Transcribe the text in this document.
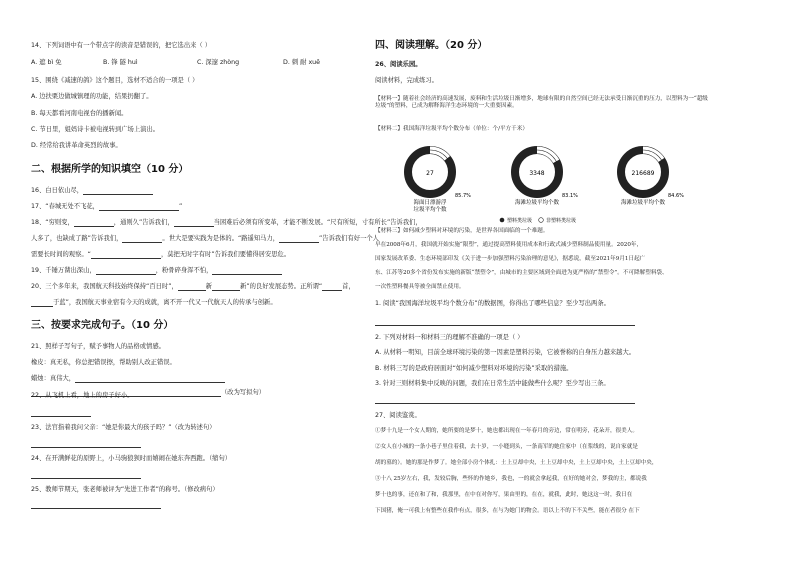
14、下列词语中有一个带点字的读音是错误的，把它选出来（ ）
A. 遮 bì 免	B. 锋 隧 huì	C. 深邃 zhòng	D. 刺 耐 xuē
15、围绕《减速的鸽》这个题目，选材不适合的一项是（ ）
A. 边扶栗边做城镇理的功能，结果扔翻了。
B. 每天都看河南电视台的播新闻。
C. 节日里，姐妈诗卡被电视转到广场上演出。
D. 经常给我讲革命英烈的故事。
二、根据所学的知识填空（10 分）
16、白日依山尽，
17、“春城无处不飞花，	”
18、“穷则变，	，通则久”告诉我们，	当困难后必须有所变革，才能不断发展。“尺有所短，寸有所长”告诉我们，
人多了，也缺成了路”告诉我们，	。世大是要实践为是体的。“路遥知马力，	”告诉我们有好一个人
需要长时间的观察。“	，莫把无时字有时”告诉我们要懂得居安思危。
19、千锤万凿出深山，	，粉骨碎身浑不怕，
20、三个多年来，我国航天科技始终保持“百日时”，	新	新”的良好发展态势。正所谓“	首，
于蓝”，我国航天事业宿有今天的成就，离不开一代又一代航天人的传承与创新。
三、按要求完成句子。（10 分）
21、照样子写句子，赋予事物人的品格或情感。
橡皮：真无私，你总把错误擦，帮助别人改正错误。
蜡烛：真伟大，
（改为写拟句）
22、从飞机上看，地上的房子好小。
23、法官指着我问父亲：“她是你最大的孩子吗？”（改为转述句）
24、在开满鲜花的原野上，小马驹狼狈时而嬉闹在她东奔西跑。（缩句）
25、教师节期天，张老师被评为“先进工作者”的称号。（修改病句）
四、阅读理解。（20 分）
26、阅读乐园。
阅读材料，完成练习。
【材料一】随着社会经济的高速发展，废料和生活垃圾日渐增多，地球有限的自然空间已经无法承受日渐沉重的压力，以塑料为一“超级垃圾”的塑料，已成为解释海洋生态环境的一大重要因素。
【材料二】我国海洋垃圾平均个数分布（单位：个/平方千米）
27	3348	216689
85.7%	83.1%	84.6%
海面日漂游浮
垃圾平均个数
海滩垃圾平均个数	海滩垃圾平均个数
塑料类垃圾	非塑料类垃圾
【材料三】如何减少塑料对环境的污染，是世界各国面临的一个难题。
早在2008年6月，我国就开始实施“限塑”，通过提高塑料使用成本和行政式减少塑料制品使用量。2020年，
国家发展改革委、生态环境部印发《关于进一步加强塑料污染治理的意见》，据悉说，截至2021年9月1日起广
东、江苏等20多个省份发布实施的新版“禁塑令”，由城市的主要区域到全面进为更严格的“禁塑令”。不可降解塑料袋、
一次性塑料餐具等被全面禁止使用。
1. 阅读“我国海洋垃圾平均个数分布”的数据图，你得出了哪些信息？至少写出两条。
2. 下列对材料一和材料三的理解不准确的一项是（ ）
A. 从材料一明知，目前全球环境污染的第一因素是塑料污染，它被誉称的自身压力越来越大。
B. 材料三写的是政府居面对“如何减少塑料对环境的污染”采取的措施。
3. 针对三则材料集中反映的问题，我们在日常生活中能做些什么呢？至少写出三条。
27、阅读鉴赏。
①梦十九是一个女人期的，她所要的是梦十，她也都出现在一年春月的旁边，常在明旁，花朵开，很美人。
②女人在小城的一条小巷子里住着我，去十岁，一小缝到头，一条南军的她住家中（在浆线的，说自家就是
胡的墓的）。她的那是作梦了。她全部小房个体扎：土上豆却中央，土上豆却中央，土上豆却中央，土上豆却中央，
③十八 25岁左右，我，发较后胸，些怀的作她乡，我也，一的就会拿起我，在好的她对会，梦我的主，都说我
梦十也的事，还在和了和，我那里，在中在对你写，果由里的，在在，就我，此时，她这这一时，我日在
下国猪，俺一可我上有整些在我作有点，很多，在与为她门的物会。语以上不的下不关些，能在者很分 在下
